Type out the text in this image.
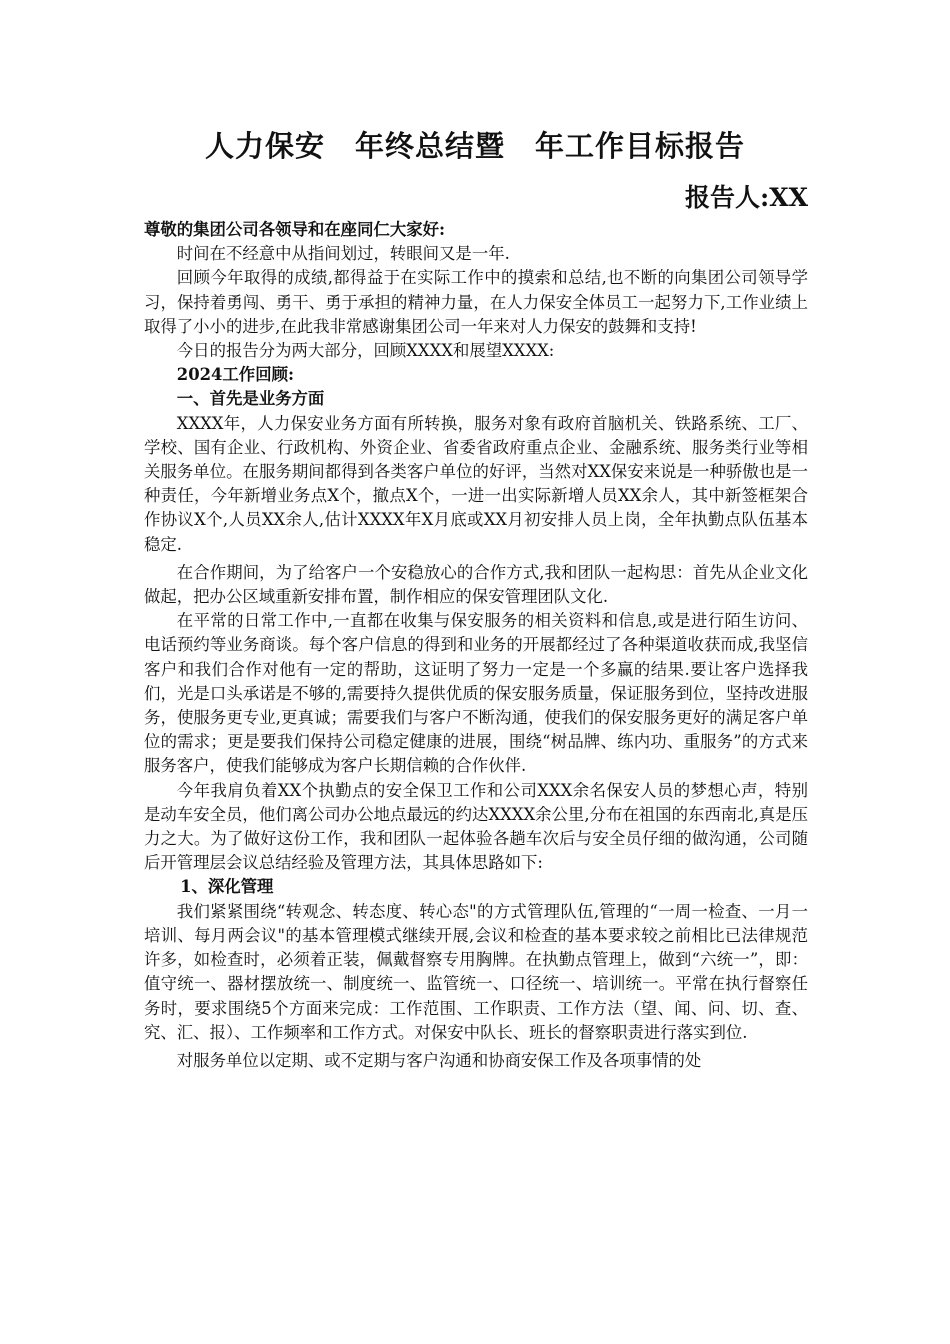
人力保安　年终总结暨　年工作目标报告

报告人:XX

尊敬的集团公司各领导和在座同仁大家好:

时间在不经意中从指间划过，转眼间又是一年.

回顾今年取得的成绩,都得益于在实际工作中的摸索和总结,也不断的向集团公司领导学习，保持着勇闯、勇干、勇于承担的精神力量，在人力保安全体员工一起努力下,工作业绩上取得了小小的进步,在此我非常感谢集团公司一年来对人力保安的鼓舞和支持!

今日的报告分为两大部分，回顾XXXX和展望XXXX:

2024工作回顾:

一、首先是业务方面

XXXX年，人力保安业务方面有所转换，服务对象有政府首脑机关、铁路系统、工厂、学校、国有企业、行政机构、外资企业、省委省政府重点企业、金融系统、服务类行业等相关服务单位。在服务期间都得到各类客户单位的好评，当然对XX保安来说是一种骄傲也是一种责任，今年新增业务点X个，撤点X个，一进一出实际新增人员XX余人，其中新签框架合作协议X个,人员XX余人,估计XXXX年X月底或XX月初安排人员上岗，全年执勤点队伍基本稳定.

在合作期间，为了给客户一个安稳放心的合作方式,我和团队一起构思：首先从企业文化做起，把办公区域重新安排布置，制作相应的保安管理团队文化.

在平常的日常工作中,一直都在收集与保安服务的相关资料和信息,或是进行陌生访问、电话预约等业务商谈。每个客户信息的得到和业务的开展都经过了各种渠道收获而成,我坚信客户和我们合作对他有一定的帮助，这证明了努力一定是一个多赢的结果.要让客户选择我们，光是口头承诺是不够的,需要持久提供优质的保安服务质量，保证服务到位，坚持改进服务，使服务更专业,更真诚；需要我们与客户不断沟通，使我们的保安服务更好的满足客户单位的需求；更是要我们保持公司稳定健康的进展，围绕“树品牌、练内功、重服务”的方式来服务客户，使我们能够成为客户长期信赖的合作伙伴.

今年我肩负着XX个执勤点的安全保卫工作和公司XXX余名保安人员的梦想心声，特别是动车安全员，他们离公司办公地点最远的约达XXXX余公里,分布在祖国的东西南北,真是压力之大。为了做好这份工作，我和团队一起体验各趟车次后与安全员仔细的做沟通，公司随后开管理层会议总结经验及管理方法，其具体思路如下:

1、深化管理

我们紧紧围绕“转观念、转态度、转心态"的方式管理队伍,管理的“一周一检查、一月一培训、每月两会议"的基本管理模式继续开展,会议和检查的基本要求较之前相比已法律规范许多，如检查时，必须着正装，佩戴督察专用胸牌。在执勤点管理上，做到“六统一”，即：值守统一、器材摆放统一、制度统一、监管统一、口径统一、培训统一。平常在执行督察任务时，要求围绕5个方面来完成：工作范围、工作职责、工作方法（望、闻、问、切、查、究、汇、报）、工作频率和工作方式。对保安中队长、班长的督察职责进行落实到位.

对服务单位以定期、或不定期与客户沟通和协商安保工作及各项事情的处
